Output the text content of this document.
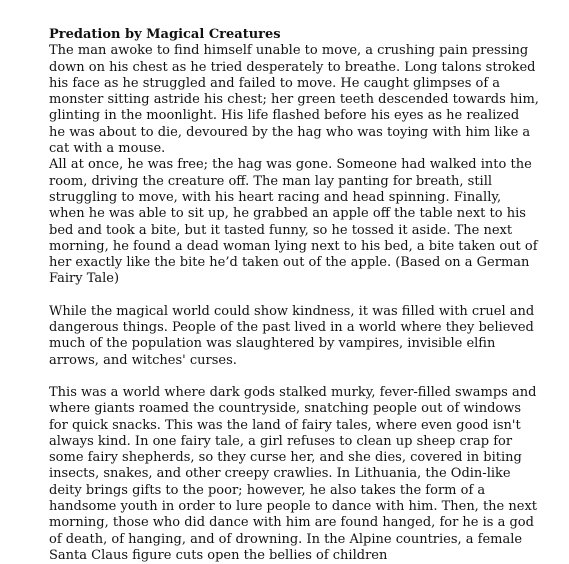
Predation by Magical Creatures

The man awoke to find himself unable to move, a crushing pain pressing down on his chest as he tried desperately to breathe. Long talons stroked his face as he struggled and failed to move. He caught glimpses of a monster sitting astride his chest; her green teeth descended towards him, glinting in the moonlight. His life flashed before his eyes as he realized he was about to die, devoured by the hag who was toying with him like a cat with a mouse.

All at once, he was free; the hag was gone. Someone had walked into the room, driving the creature off. The man lay panting for breath, still struggling to move, with his heart racing and head spinning. Finally, when he was able to sit up, he grabbed an apple off the table next to his bed and took a bite, but it tasted funny, so he tossed it aside. The next morning, he found a dead woman lying next to his bed, a bite taken out of her exactly like the bite he’d taken out of the apple. (Based on a German Fairy Tale)

While the magical world could show kindness, it was filled with cruel and dangerous things. People of the past lived in a world where they believed much of the population was slaughtered by vampires, invisible elfin arrows, and witches' curses.

This was a world where dark gods stalked murky, fever-filled swamps and where giants roamed the countryside, snatching people out of windows for quick snacks. This was the land of fairy tales, where even good isn't always kind. In one fairy tale, a girl refuses to clean up sheep crap for some fairy shepherds, so they curse her, and she dies, covered in biting insects, snakes, and other creepy crawlies. In Lithuania, the Odin-like deity brings gifts to the poor; however, he also takes the form of a handsome youth in order to lure people to dance with him. Then, the next morning, those who did dance with him are found hanged, for he is a god of death, of hanging, and of drowning. In the Alpine countries, a female Santa Claus figure cuts open the bellies of children
